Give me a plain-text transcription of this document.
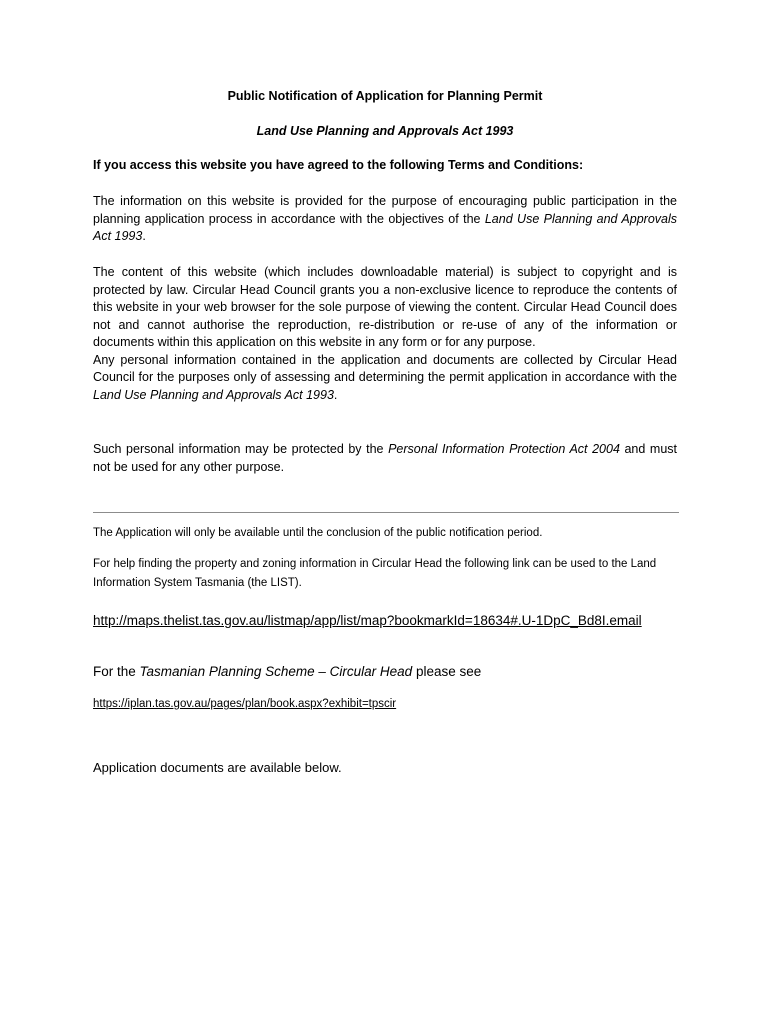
Public Notification of Application for Planning Permit
Land Use Planning and Approvals Act 1993
If you access this website you have agreed to the following Terms and Conditions:
The information on this website is provided for the purpose of encouraging public participation in the planning application process in accordance with the objectives of the Land Use Planning and Approvals Act 1993.
The content of this website (which includes downloadable material) is subject to copyright and is protected by law. Circular Head Council grants you a non-exclusive licence to reproduce the contents of this website in your web browser for the sole purpose of viewing the content. Circular Head Council does not and cannot authorise the reproduction, re-distribution or re-use of any of the information or documents within this application on this website in any form or for any purpose.
Any personal information contained in the application and documents are collected by Circular Head Council for the purposes only of assessing and determining the permit application in accordance with the Land Use Planning and Approvals Act 1993.
Such personal information may be protected by the Personal Information Protection Act 2004 and must not be used for any other purpose.
The Application will only be available until the conclusion of the public notification period.
For help finding the property and zoning information in Circular Head the following link can be used to the Land Information System Tasmania (the LIST).
http://maps.thelist.tas.gov.au/listmap/app/list/map?bookmarkId=18634#.U-1DpC_Bd8I.email
For the Tasmanian Planning Scheme – Circular Head please see
https://iplan.tas.gov.au/pages/plan/book.aspx?exhibit=tpscir
Application documents are available below.
